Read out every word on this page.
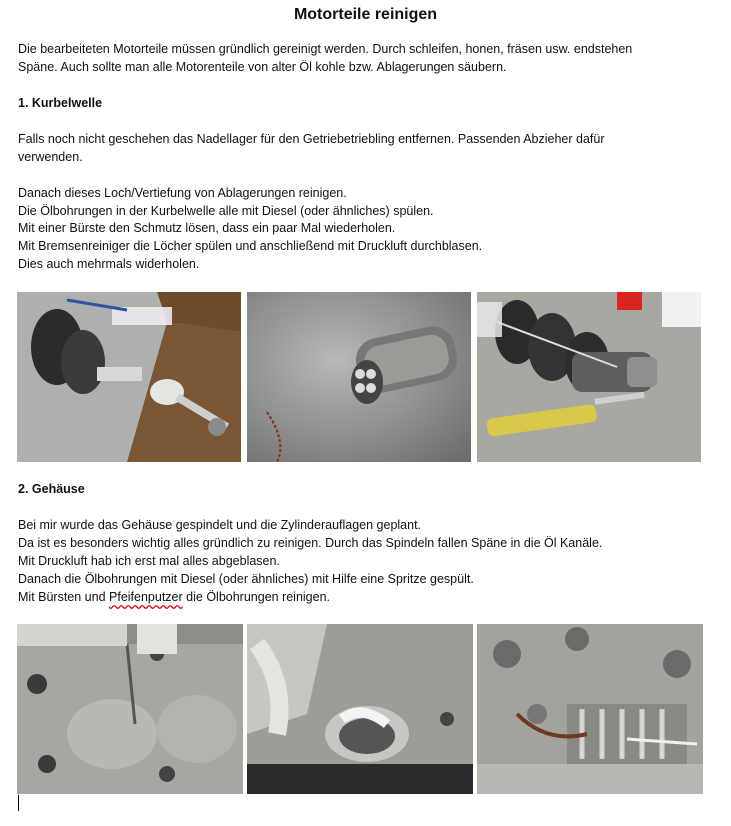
Motorteile reinigen

Die bearbeiteten Motorteile müssen gründlich gereinigt werden. Durch schleifen, honen, fräsen usw. endstehen

Späne. Auch sollte man alle Motorenteile von alter Öl kohle bzw. Ablagerungen säubern.

1. Kurbelwelle

Falls noch nicht geschehen das Nadellager für den Getriebetriebling entfernen. Passenden Abzieher dafür

verwenden.

Danach dieses Loch/Vertiefung von Ablagerungen reinigen.

Die Ölbohrungen in der Kurbelwelle alle mit Diesel (oder ähnliches) spülen.

Mit einer Bürste den Schmutz lösen, dass ein paar Mal wiederholen.

Mit Bremsenreiniger die Löcher spülen und anschließend mit Druckluft durchblasen.

Dies auch mehrmals widerholen.

2. Gehäuse

Bei mir wurde das Gehäuse gespindelt und die Zylinderauflagen geplant.

Da ist es besonders wichtig alles gründlich zu reinigen. Durch das Spindeln fallen Späne in die Öl Kanäle.

Mit Druckluft hab ich erst mal alles abgeblasen.

Danach die Ölbohrungen mit Diesel (oder ähnliches) mit Hilfe eine Spritze gespült.

Mit Bürsten und Pfeifenputzer die Ölbohrungen reinigen.
